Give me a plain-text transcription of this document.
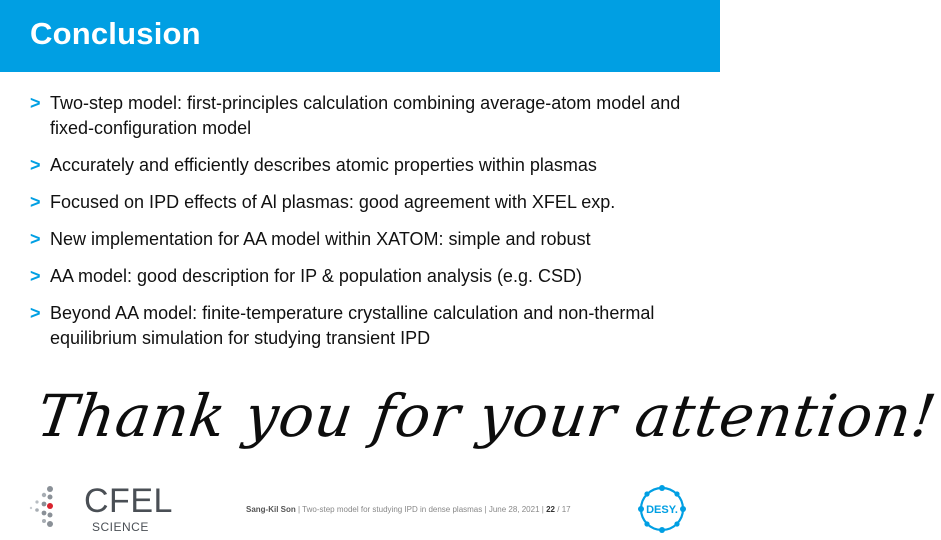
Conclusion
> Two-step model: first-principles calculation combining average-atom model and fixed-configuration model
> Accurately and efficiently describes atomic properties within plasmas
> Focused on IPD effects of Al plasmas: good agreement with XFEL exp.
> New implementation for AA model within XATOM: simple and robust
> AA model: good description for IP & population analysis (e.g. CSD)
> Beyond AA model: finite-temperature crystalline calculation and non-thermal equilibrium simulation for studying transient IPD
Thank you for your attention!
CFEL
SCIENCE
Sang-Kil Son | Two-step model for studying IPD in dense plasmas | June 28, 2021 | 22 / 17	DESY.
